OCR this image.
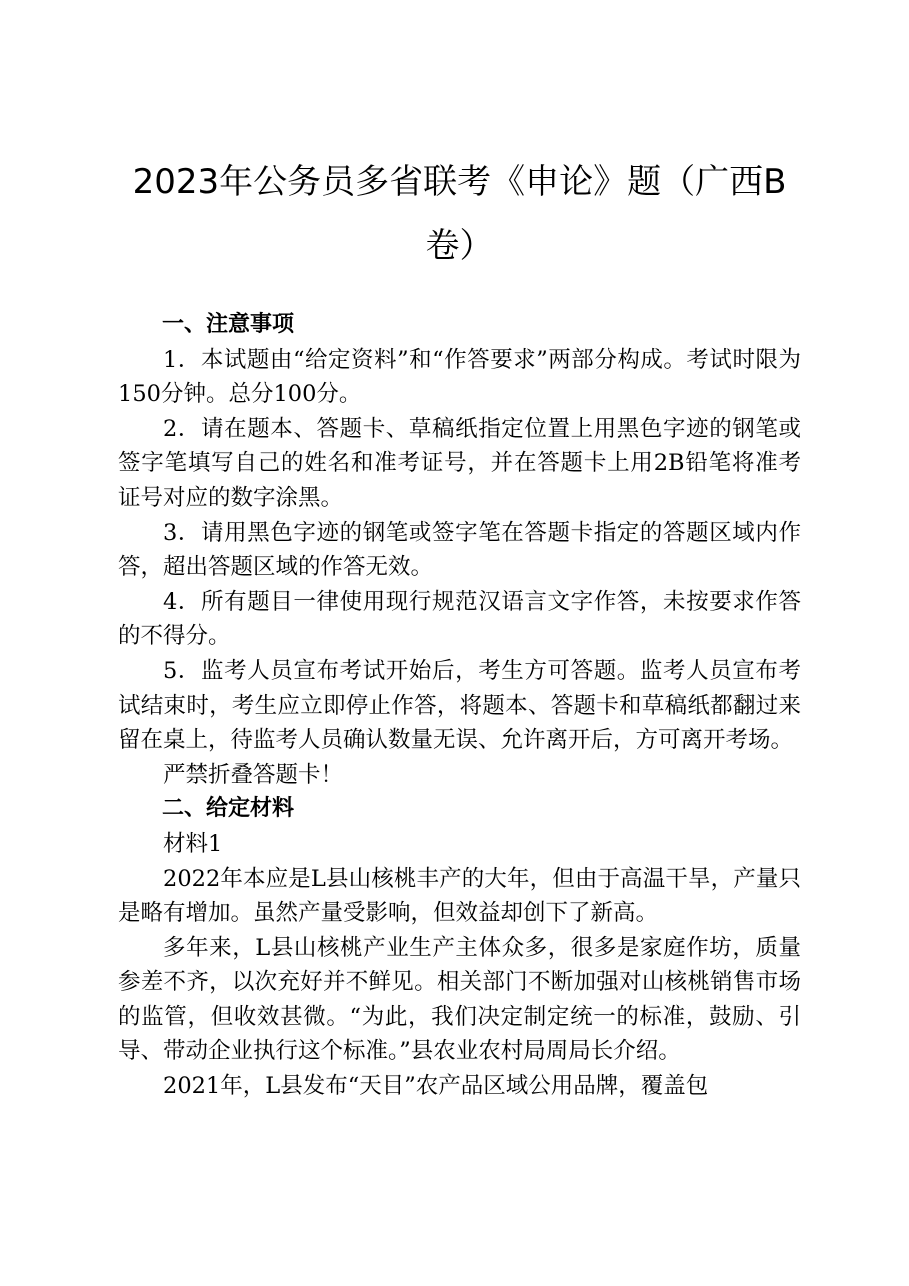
2023年公务员多省联考《申论》题（广西B卷）

一、注意事项

1．本试题由“给定资料”和“作答要求”两部分构成。考试时限为150分钟。总分100分。

2．请在题本、答题卡、草稿纸指定位置上用黑色字迹的钢笔或签字笔填写自己的姓名和准考证号，并在答题卡上用2B铅笔将准考证号对应的数字涂黑。

3．请用黑色字迹的钢笔或签字笔在答题卡指定的答题区域内作答，超出答题区域的作答无效。

4．所有题目一律使用现行规范汉语言文字作答，未按要求作答的不得分。

5．监考人员宣布考试开始后，考生方可答题。监考人员宣布考试结束时，考生应立即停止作答，将题本、答题卡和草稿纸都翻过来留在桌上，待监考人员确认数量无误、允许离开后，方可离开考场。

严禁折叠答题卡！

二、给定材料

材料1

2022年本应是L县山核桃丰产的大年，但由于高温干旱，产量只是略有增加。虽然产量受影响，但效益却创下了新高。

多年来，L县山核桃产业生产主体众多，很多是家庭作坊，质量参差不齐，以次充好并不鲜见。相关部门不断加强对山核桃销售市场的监管，但收效甚微。“为此，我们决定制定统一的标准，鼓励、引导、带动企业执行这个标准。”县农业农村局周局长介绍。

2021年，L县发布“天目”农产品区域公用品牌，覆盖包
